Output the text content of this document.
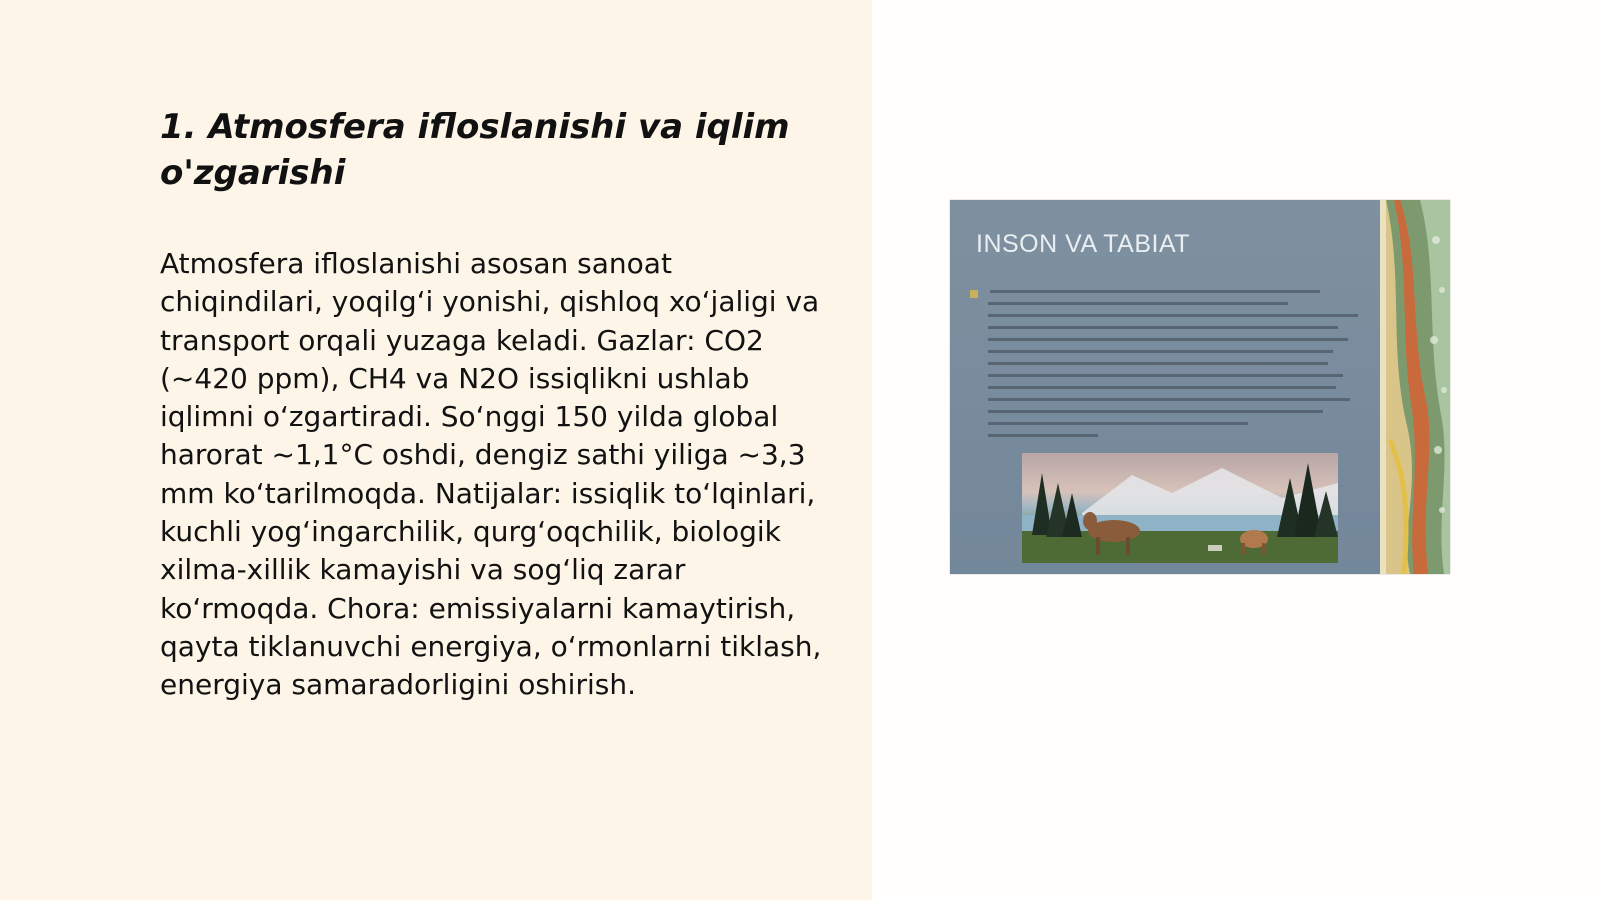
1. Atmosfera ifloslanishi va iqlim o'zgarishi

Atmosfera ifloslanishi asosan sanoat chiqindilari, yoqilg‘i yonishi, qishloq xo‘jaligi va transport orqali yuzaga keladi. Gazlar: CO2 (~420 ppm), CH4 va N2O issiqlikni ushlab iqlimni o‘zgartiradi. So‘nggi 150 yilda global harorat ~1,1°C oshdi, dengiz sathi yiliga ~3,3 mm ko‘tarilmoqda. Natijalar: issiqlik to‘lqinlari, kuchli yog‘ingarchilik, qurg‘oqchilik, biologik xilma-xillik kamayishi va sog‘liq zarar ko‘rmoqda. Chora: emissiyalarni kamaytirish, qayta tiklanuvchi energiya, o‘rmonlarni tiklash, energiya samaradorligini oshirish.

INSON VA TABIAT
